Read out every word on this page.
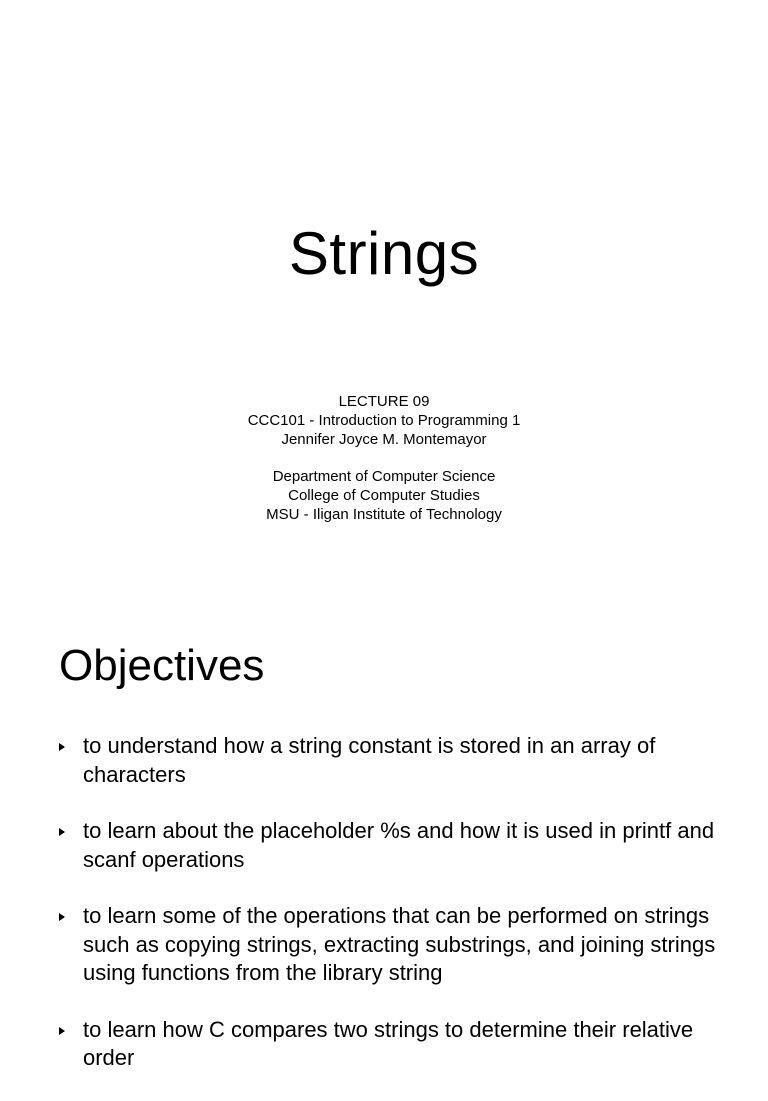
Strings
LECTURE 09
CCC101 - Introduction to Programming 1
Jennifer Joyce M. Montemayor
Department of Computer Science
College of Computer Studies
MSU - Iligan Institute of Technology
Objectives
to understand how a string constant is stored in an array of characters
to learn about the placeholder %s and how it is used in printf and scanf operations
to learn some of the operations that can be performed on strings such as copying strings, extracting substrings, and joining strings using functions from the library string
to learn how C compares two strings to determine their relative order
